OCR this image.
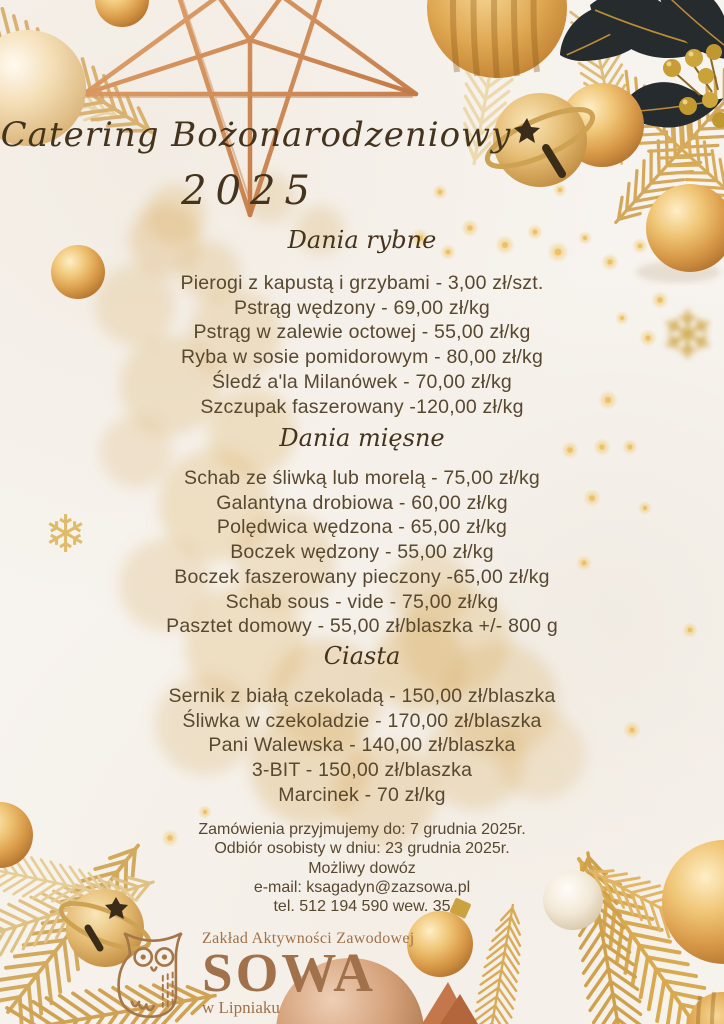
❄
❄
Catering Bożonarodzeniowy
2025
Dania rybne
Pierogi z kapustą i grzybami - 3,00 zł/szt.
Pstrąg wędzony - 69,00 zł/kg
Pstrąg w zalewie octowej - 55,00 zł/kg
Ryba w sosie pomidorowym - 80,00 zł/kg
Śledź a'la Milanówek - 70,00 zł/kg
Szczupak faszerowany -120,00 zł/kg
Dania mięsne
Schab ze śliwką lub morelą - 75,00 zł/kg
Galantyna drobiowa - 60,00 zł/kg
Polędwica wędzona - 65,00 zł/kg
Boczek wędzony - 55,00 zł/kg
Boczek faszerowany pieczony -65,00 zł/kg
Schab sous - vide - 75,00 zł/kg
Pasztet domowy - 55,00 zł/blaszka +/- 800 g
Ciasta
Sernik z białą czekoladą - 150,00 zł/blaszka
Śliwka w czekoladzie - 170,00 zł/blaszka
Pani Walewska - 140,00 zł/blaszka
3-BIT - 150,00 zł/blaszka
Marcinek - 70 zł/kg
Zamówienia przyjmujemy do: 7 grudnia 2025r.
Odbiór osobisty w dniu: 23 grudnia 2025r.
Możliwy dowóz
e-mail: ksagadyn@zazsowa.pl
tel. 512 194 590 wew. 35
Zakład Aktywności Zawodowej
SOWA
w Lipniaku
